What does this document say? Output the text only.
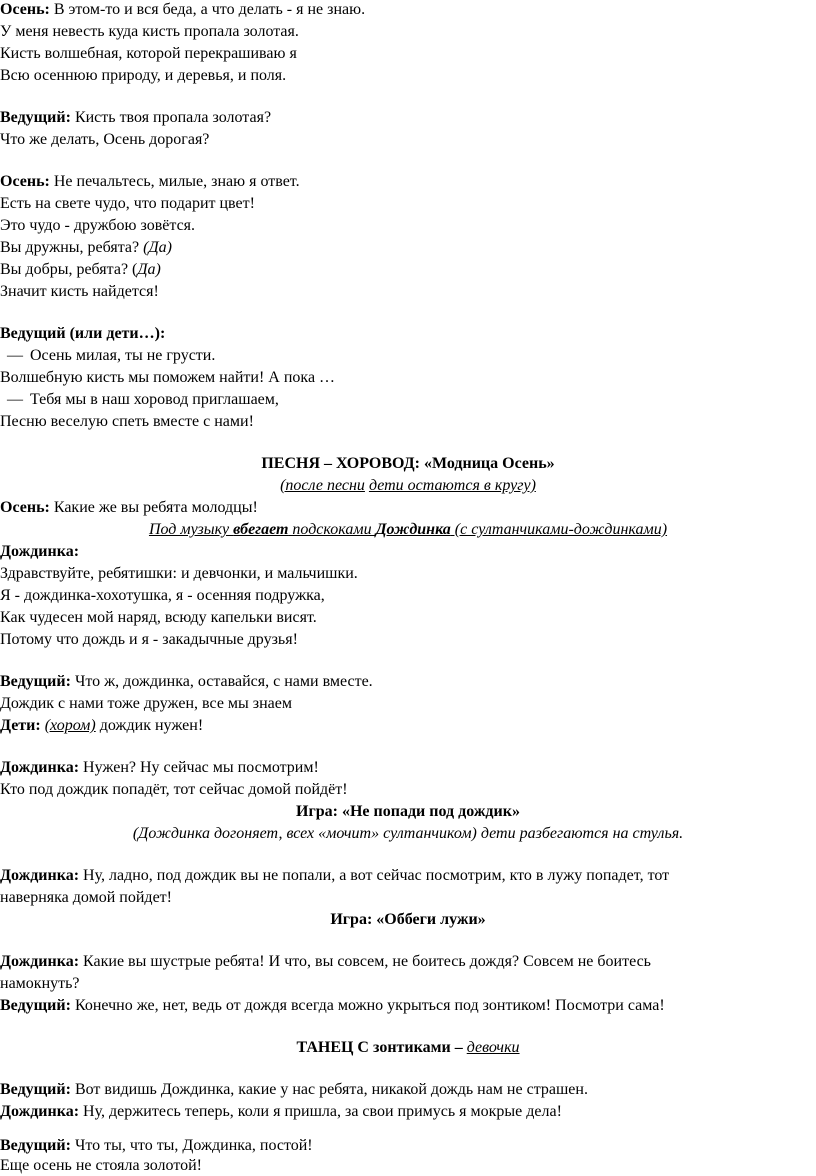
Осень: В этом-то и вся беда, а что делать - я не знаю.
У меня невесть куда кисть пропала золотая.
Кисть волшебная, которой перекрашиваю я
Всю осеннюю природу, и деревья, и поля.
Ведущий: Кисть твоя пропала золотая?
Что же делать, Осень дорогая?
Осень: Не печальтесь, милые, знаю я ответ.
Есть на свете чудо, что подарит цвет!
Это чудо - дружбою зовётся.
Вы дружны, ребята? (Да)
Вы добры, ребята? (Да)
Значит кисть найдется!
Ведущий (или дети…):
— Осень милая, ты не грусти.
Волшебную кисть мы поможем найти! А пока …
— Тебя мы в наш хоровод приглашаем,
Песню веселую спеть вместе с нами!
ПЕСНЯ – ХОРОВОД: «Модница Осень»
(после песни дети остаются в кругу)
Осень: Какие же вы ребята молодцы!
Под музыку вбегает подскоками Дождинка (с султанчиками-дождинками)
Дождинка:
Здравствуйте, ребятишки: и девчонки, и мальчишки.
Я - дождинка-хохотушка, я - осенняя подружка,
Как чудесен мой наряд, всюду капельки висят.
Потому что дождь и я - закадычные друзья!
Ведущий: Что ж, дождинка, оставайся, с нами вместе.
Дождик с нами тоже дружен, все мы знаем
Дети: (хором) дождик нужен!
Дождинка: Нужен? Ну сейчас мы посмотрим!
Кто под дождик попадёт, тот сейчас домой пойдёт!
Игра: «Не попади под дождик»
(Дождинка догоняет, всех «мочит» султанчиком) дети разбегаются на стулья.
Дождинка: Ну, ладно, под дождик вы не попали, а вот сейчас посмотрим, кто в лужу попадет, тот
наверняка домой пойдет!
Игра: «Оббеги лужи»
Дождинка: Какие вы шустрые ребята! И что, вы совсем, не боитесь дождя? Совсем не боитесь
намокнуть?
Ведущий: Конечно же, нет, ведь от дождя всегда можно укрыться под зонтиком! Посмотри сама!
ТАНЕЦ С зонтиками – девочки
Ведущий: Вот видишь Дождинка, какие у нас ребята, никакой дождь нам не страшен.
Дождинка: Ну, держитесь теперь, коли я пришла, за свои примусь я мокрые дела!
Ведущий: Что ты, что ты, Дождинка, постой!
Еще осень не стояла золотой!
